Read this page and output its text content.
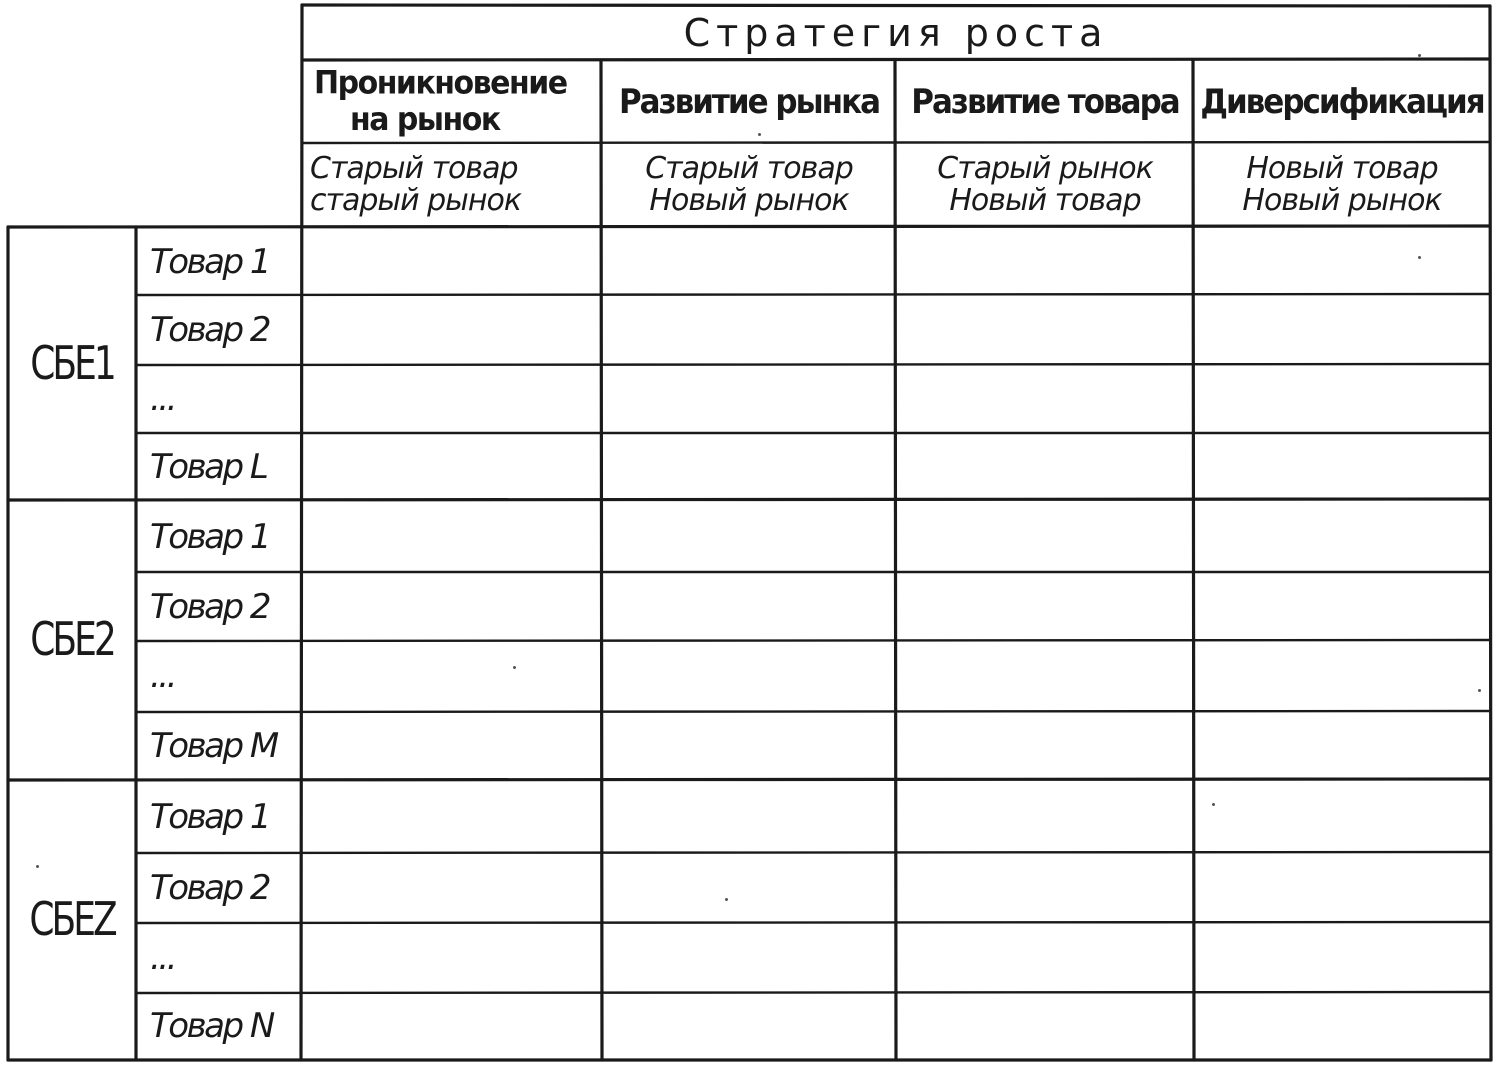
Стратегия роста
Проникновение
на рынок	Развитие рынка Развитие товара Диверсификация
Старый товар
старый рынок
Старый товар
Новый рынок
Старый рынок
Новый товар
Новый товар
Новый рынок
СБЕ1
СБЕ2
СБЕZ
Товар 1
Товар 2
...
Товар L
Товар 1
Товар 2
...
Товар M
Товар 1
Товар 2
...
Товар N
